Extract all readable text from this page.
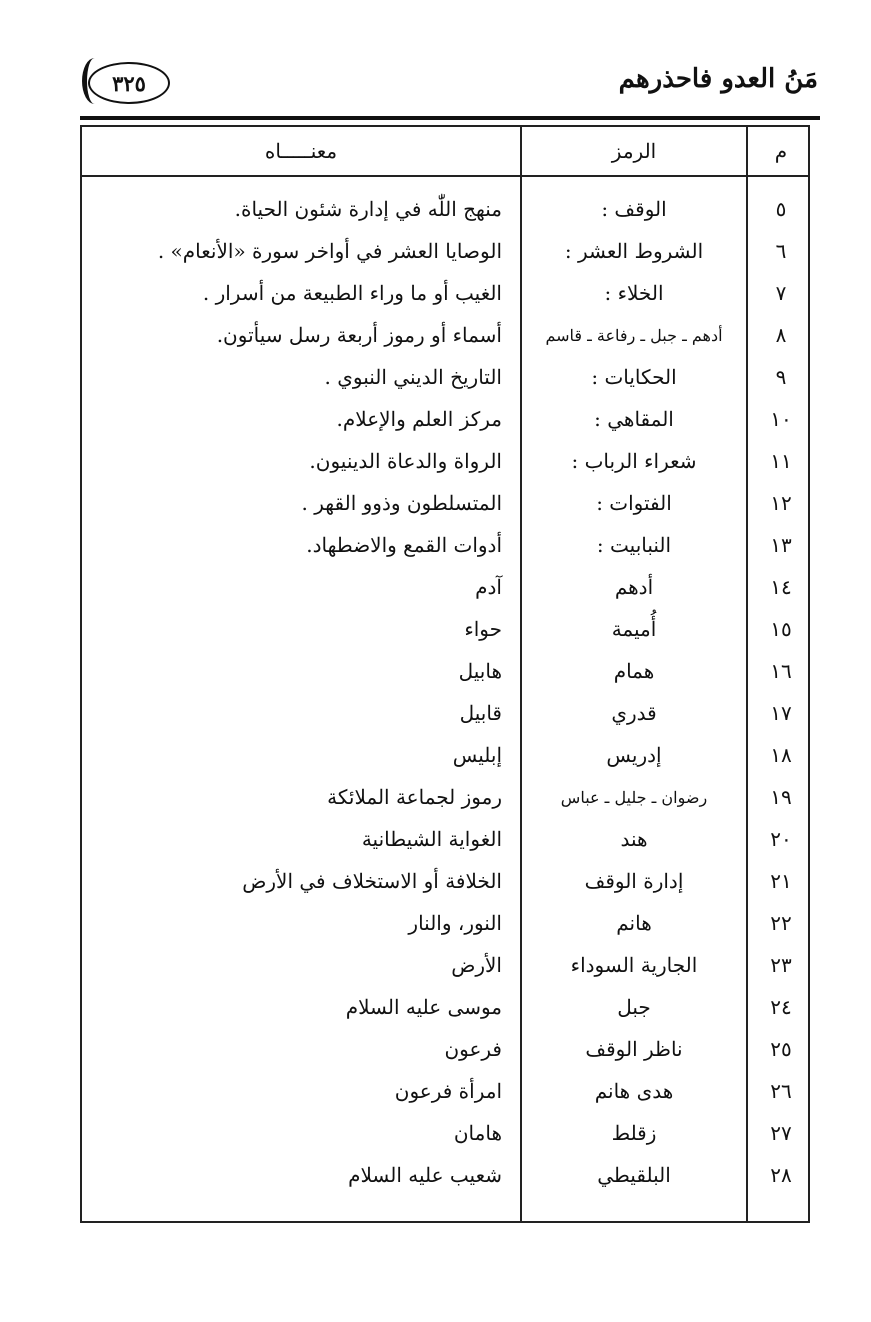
٣٢٥	مَنُ العدو فاحذرهم
م
الرمز
معنـــــاه
٥
الوقف :
منهج اللّٰه في إدارة شئون الحياة.
٦
الشروط العشر :
الوصايا العشر في أواخر سورة «الأنعام» .
٧
الخلاء :
الغيب أو ما وراء الطبيعة من أسرار .
٨
أدهم ـ جبل ـ رفاعة ـ قاسم
أسماء أو رموز أربعة رسل سيأتون.
٩
الحكايات :
التاريخ الديني النبوي .
١٠
المقاهي :
مركز العلم والإعلام.
١١
شعراء الرباب :
الرواة والدعاة الدينيون.
١٢
الفتوات :
المتسلطون وذوو القهر .
١٣
النبابيت :
أدوات القمع والاضطهاد.
١٤
أدهم
آدم
١٥
أُميمة
حواء
١٦
همام
هابيل
١٧
قدري
قابيل
١٨
إدريس
إبليس
١٩
رضوان ـ جليل ـ عباس
رموز لجماعة الملائكة
٢٠
هند
الغواية الشيطانية
٢١
إدارة الوقف
الخلافة أو الاستخلاف في الأرض
٢٢
هانم
النور، والنار
٢٣
الجارية السوداء
الأرض
٢٤
جبل
موسى عليه السلام
٢٥
ناظر الوقف
فرعون
٢٦
هدى هانم
امرأة فرعون
٢٧
زقلط
هامان
٢٨
البلقيطي
شعيب عليه السلام
